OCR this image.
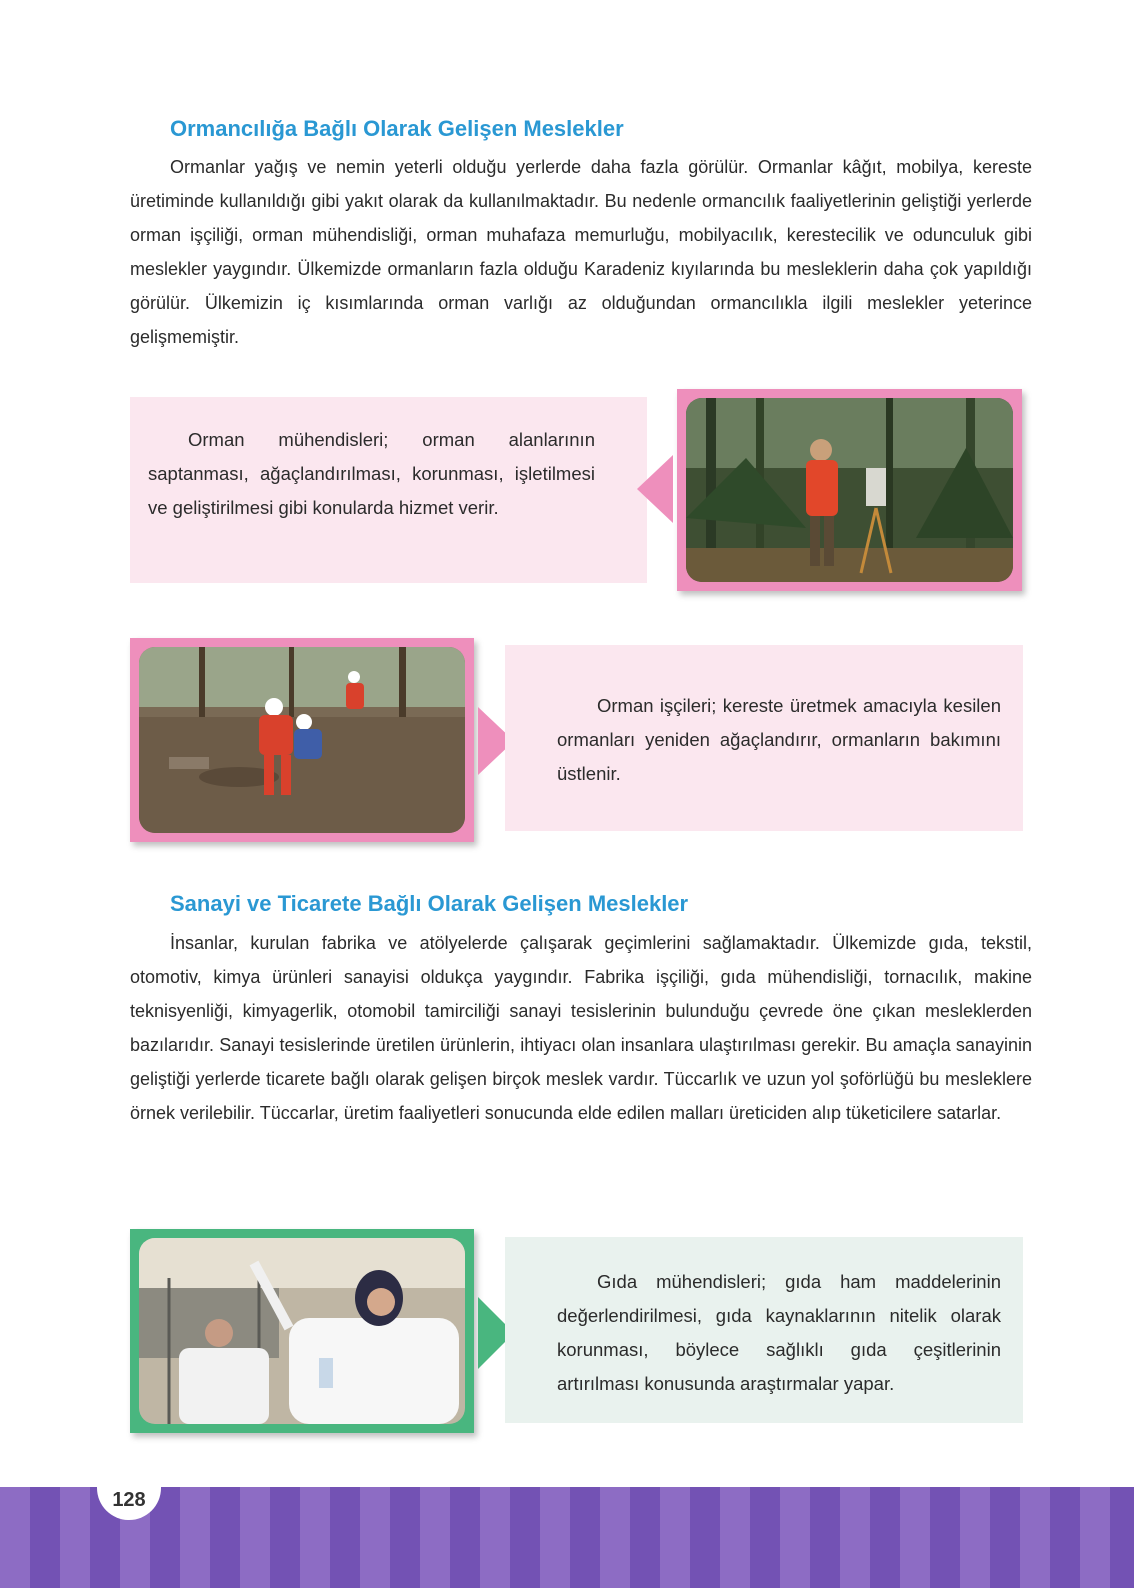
Ormancılığa Bağlı Olarak Gelişen Meslekler

Ormanlar yağış ve nemin yeterli olduğu yerlerde daha fazla görülür. Ormanlar kâğıt, mobilya, kereste üretiminde kullanıldığı gibi yakıt olarak da kullanılmaktadır. Bu nedenle ormancılık faaliyetlerinin geliştiği yerlerde orman işçiliği, orman mühendisliği, orman muhafaza memurluğu, mobilyacılık, kerestecilik ve odunculuk gibi meslekler yaygındır. Ülkemizde ormanların fazla olduğu Karadeniz kıyılarında bu mesleklerin daha çok yapıldığı görülür. Ülkemizin iç kısımlarında orman varlığı az olduğundan ormancılıkla ilgili meslekler yeterince gelişmemiştir.

Orman mühendisleri; orman alanlarının saptanması, ağaçlandırılması, korunması, işletilmesi ve geliştirilmesi gibi konularda hizmet verir.

Orman işçileri; kereste üretmek amacıyla kesilen ormanları yeniden ağaçlandırır, ormanların bakımını üstlenir.

Sanayi ve Ticarete Bağlı Olarak Gelişen Meslekler

İnsanlar, kurulan fabrika ve atölyelerde çalışarak geçimlerini sağlamaktadır. Ülkemizde gıda, tekstil, otomotiv, kimya ürünleri sanayisi oldukça yaygındır. Fabrika işçiliği, gıda mühendisliği, tornacılık, makine teknisyenliği, kimyagerlik, otomobil tamirciliği sanayi tesislerinin bulunduğu çevrede öne çıkan mesleklerden bazılarıdır. Sanayi tesislerinde üretilen ürünlerin, ihtiyacı olan insanlara ulaştırılması gerekir. Bu amaçla sanayinin geliştiği yerlerde ticarete bağlı olarak gelişen birçok meslek vardır. Tüccarlık ve uzun yol şoförlüğü bu mesleklere örnek verilebilir. Tüccarlar, üretim faaliyetleri sonucunda elde edilen malları üreticiden alıp tüketicilere satarlar.

Gıda mühendisleri; gıda ham maddelerinin değerlendirilmesi, gıda kaynaklarının nitelik olarak korunması, böylece sağlıklı gıda çeşitlerinin artırılması konusunda araştırmalar yapar.

128
